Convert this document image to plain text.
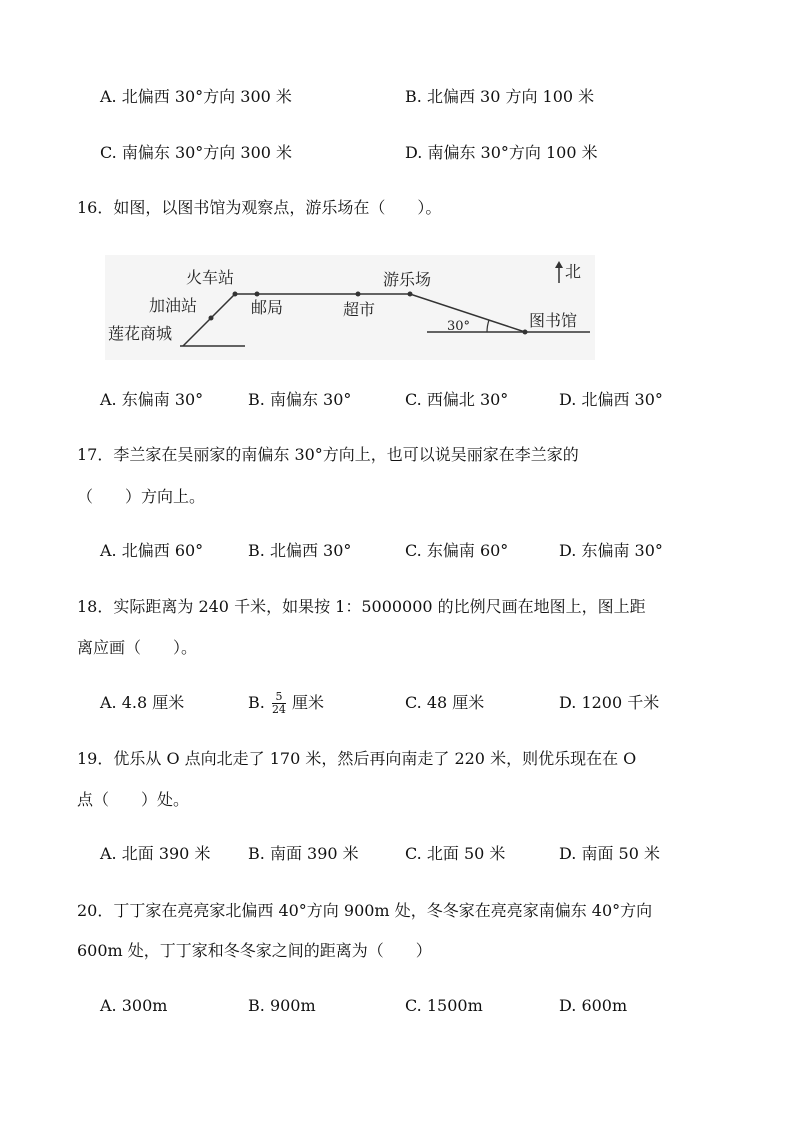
A. 北偏西 30°方向 300 米	B. 北偏西 30 方向 100 米
C. 南偏东 30°方向 300 米	D. 南偏东 30°方向 100 米
16．如图，以图书馆为观察点，游乐场在（　　）。
火车站
加油站
莲花商城
邮局	超市
游乐场
图书馆
北
30°
A. 东偏南 30°	B. 南偏东 30°	C. 西偏北 30°	D. 北偏西 30°
17．李兰家在吴丽家的南偏东 30°方向上，也可以说吴丽家在李兰家的
（　　）方向上。
A. 北偏西 60°	B. 北偏西 30°	C. 东偏南 60°	D. 东偏南 30°
18．实际距离为 240 千米，如果按 1：5000000 的比例尺画在地图上，图上距
离应画（　　）。
A. 4.8 厘米	B. $\frac{5}{24}$ 厘米	C. 48 厘米	D. 1200 千米
19．优乐从 O 点向北走了 170 米，然后再向南走了 220 米，则优乐现在在 O
点（　　）处。
A. 北面 390 米 B. 南面 390 米	C. 北面 50 米	D. 南面 50 米
20．丁丁家在亮亮家北偏西 40°方向 900m 处，冬冬家在亮亮家南偏东 40°方向
600m 处，丁丁家和冬冬家之间的距离为（　　）
A. 300m	B. 900m	C. 1500m	D. 600m
